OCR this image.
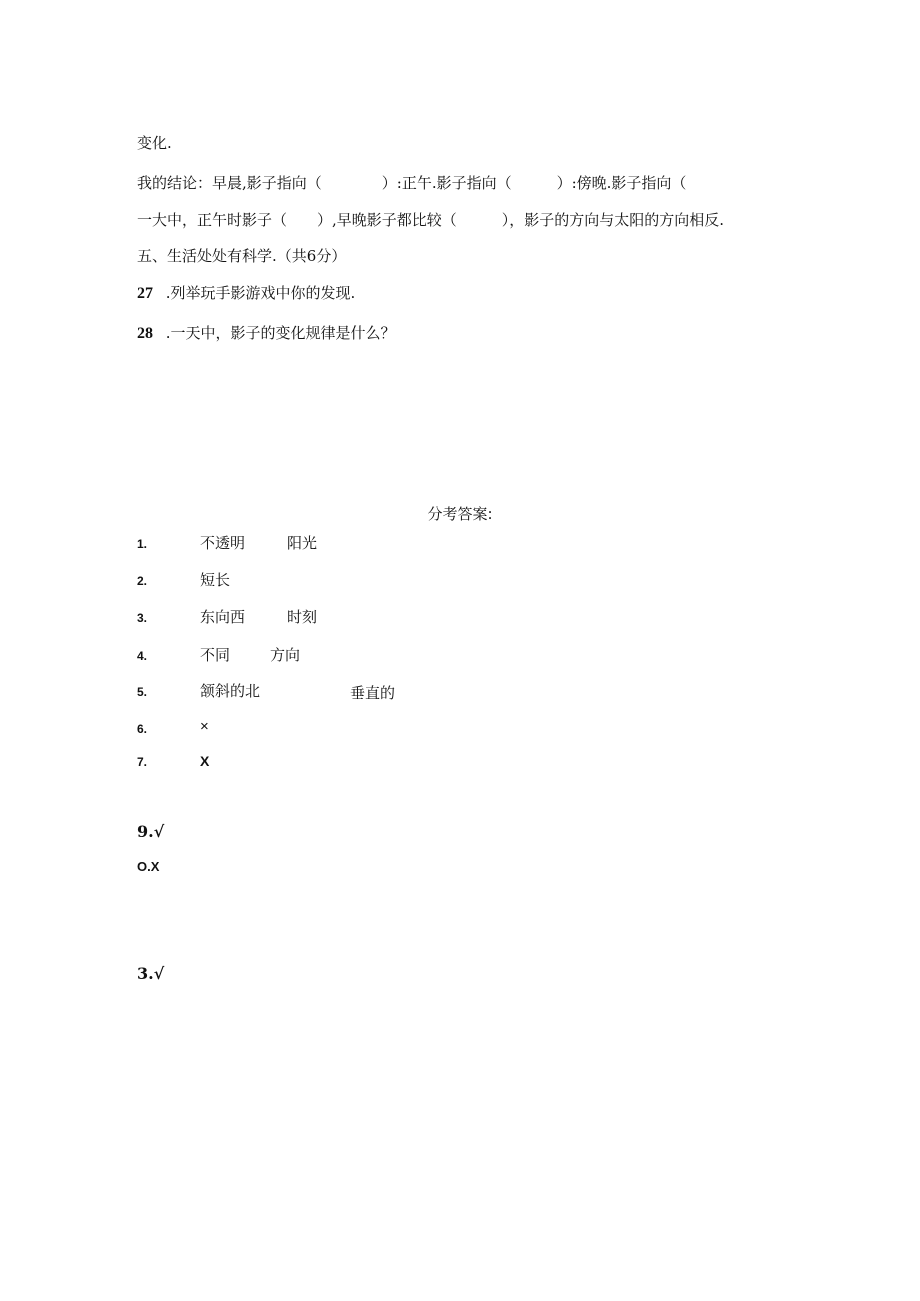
变化.
我的结论：早晨,影子指向（　　　　）:正午.影子指向（　　　）:傍晚.影子指向（
一大中，正午时影子（　　）,早晚影子都比较（　　　），影子的方向与太阳的方向相反.
五、生活处处有科学.（共6分）
27 .列举玩手影游戏中你的发现.
28 .一天中，影子的变化规律是什么？
分考答案:
1.	不透明	阳光
2.	短长
3.	东向西	时刻
4.	不同	方向
5.	颔斜的北	垂直的
6.	×
7.	X
9.√
O.X
3.√
